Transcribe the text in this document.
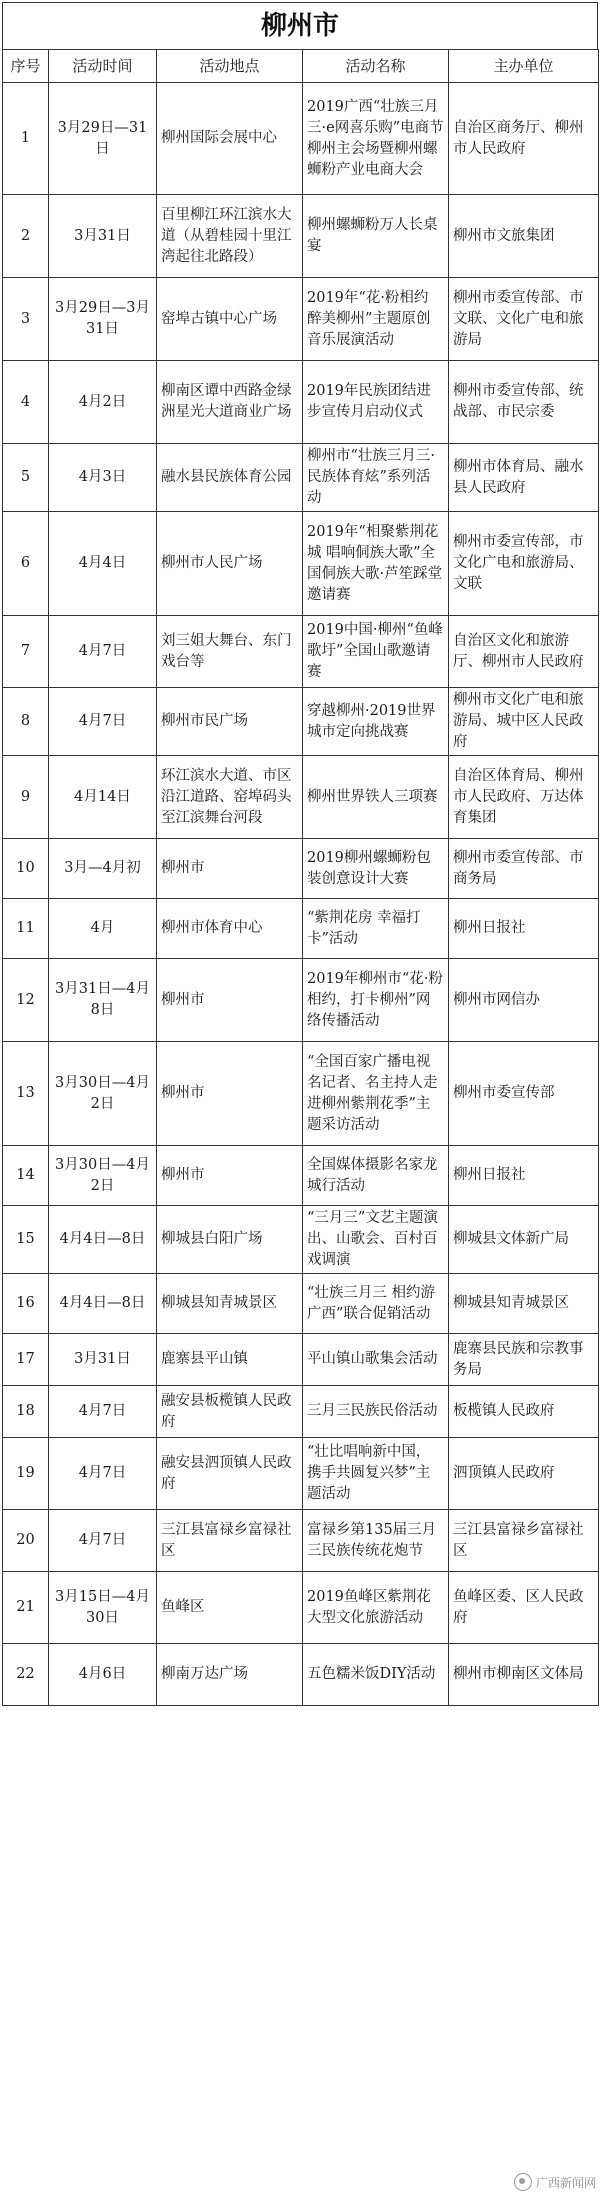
柳州市
序号	活动时间	活动地点	活动名称	主办单位
1	3月29日—31日	柳州国际会展中心	2019广西“壮族三月三·e网喜乐购”电商节柳州主会场暨柳州螺蛳粉产业电商大会	自治区商务厅、柳州市人民政府
2	3月31日	百里柳江环江滨水大道（从碧桂园十里江湾起往北路段）	柳州螺蛳粉万人长桌宴	柳州市文旅集团
3	3月29日—3月31日	窑埠古镇中心广场	2019年“花·粉相约 醉美柳州”主题原创音乐展演活动	柳州市委宣传部、市文联、文化广电和旅游局
4	4月2日	柳南区谭中西路金绿洲星光大道商业广场	2019年民族团结进步宣传月启动仪式	柳州市委宣传部、统战部、市民宗委
5	4月3日	融水县民族体育公园	柳州市“壮族三月三·民族体育炫”系列活动	柳州市体育局、融水县人民政府
6	4月4日	柳州市人民广场	2019年“相聚紫荆花城 唱响侗族大歌”全国侗族大歌·芦笙踩堂邀请赛	柳州市委宣传部，市文化广电和旅游局、文联
7	4月7日	刘三姐大舞台、东门戏台等	2019中国·柳州“鱼峰歌圩”全国山歌邀请赛	自治区文化和旅游厅、柳州市人民政府
8	4月7日	柳州市民广场	穿越柳州·2019世界城市定向挑战赛	柳州市文化广电和旅游局、城中区人民政府
9	4月14日	环江滨水大道、市区沿江道路、窑埠码头至江滨舞台河段	柳州世界铁人三项赛	自治区体育局、柳州市人民政府、万达体育集团
10	3月—4月初	柳州市	2019柳州螺蛳粉包装创意设计大赛	柳州市委宣传部、市商务局
11	4月	柳州市体育中心	“紫荆花房 幸福打卡”活动	柳州日报社
12	3月31日—4月8日	柳州市	2019年柳州市“花·粉相约，打卡柳州”网络传播活动	柳州市网信办
13	3月30日—4月2日	柳州市	“全国百家广播电视名记者、名主持人走进柳州紫荆花季”主题采访活动	柳州市委宣传部
14	3月30日—4月2日	柳州市	全国媒体摄影名家龙城行活动	柳州日报社
15	4月4日—8日	柳城县白阳广场	“三月三”文艺主题演出、山歌会、百村百戏调演	柳城县文体新广局
16	4月4日—8日	柳城县知青城景区	“壮族三月三 相约游广西”联合促销活动	柳城县知青城景区
17	3月31日	鹿寨县平山镇	平山镇山歌集会活动	鹿寨县民族和宗教事务局
18	4月7日	融安县板榄镇人民政府	三月三民族民俗活动	板榄镇人民政府
19	4月7日	融安县泗顶镇人民政府	“壮比唱响新中国，携手共圆复兴梦”主题活动	泗顶镇人民政府
20	4月7日	三江县富禄乡富禄社区	富禄乡第135届三月三民族传统花炮节	三江县富禄乡富禄社区
21	3月15日—4月30日	鱼峰区	2019鱼峰区紫荆花大型文化旅游活动	鱼峰区委、区人民政府
22	4月6日	柳南万达广场	五色糯米饭DIY活动	柳州市柳南区文体局
广西新闻网
